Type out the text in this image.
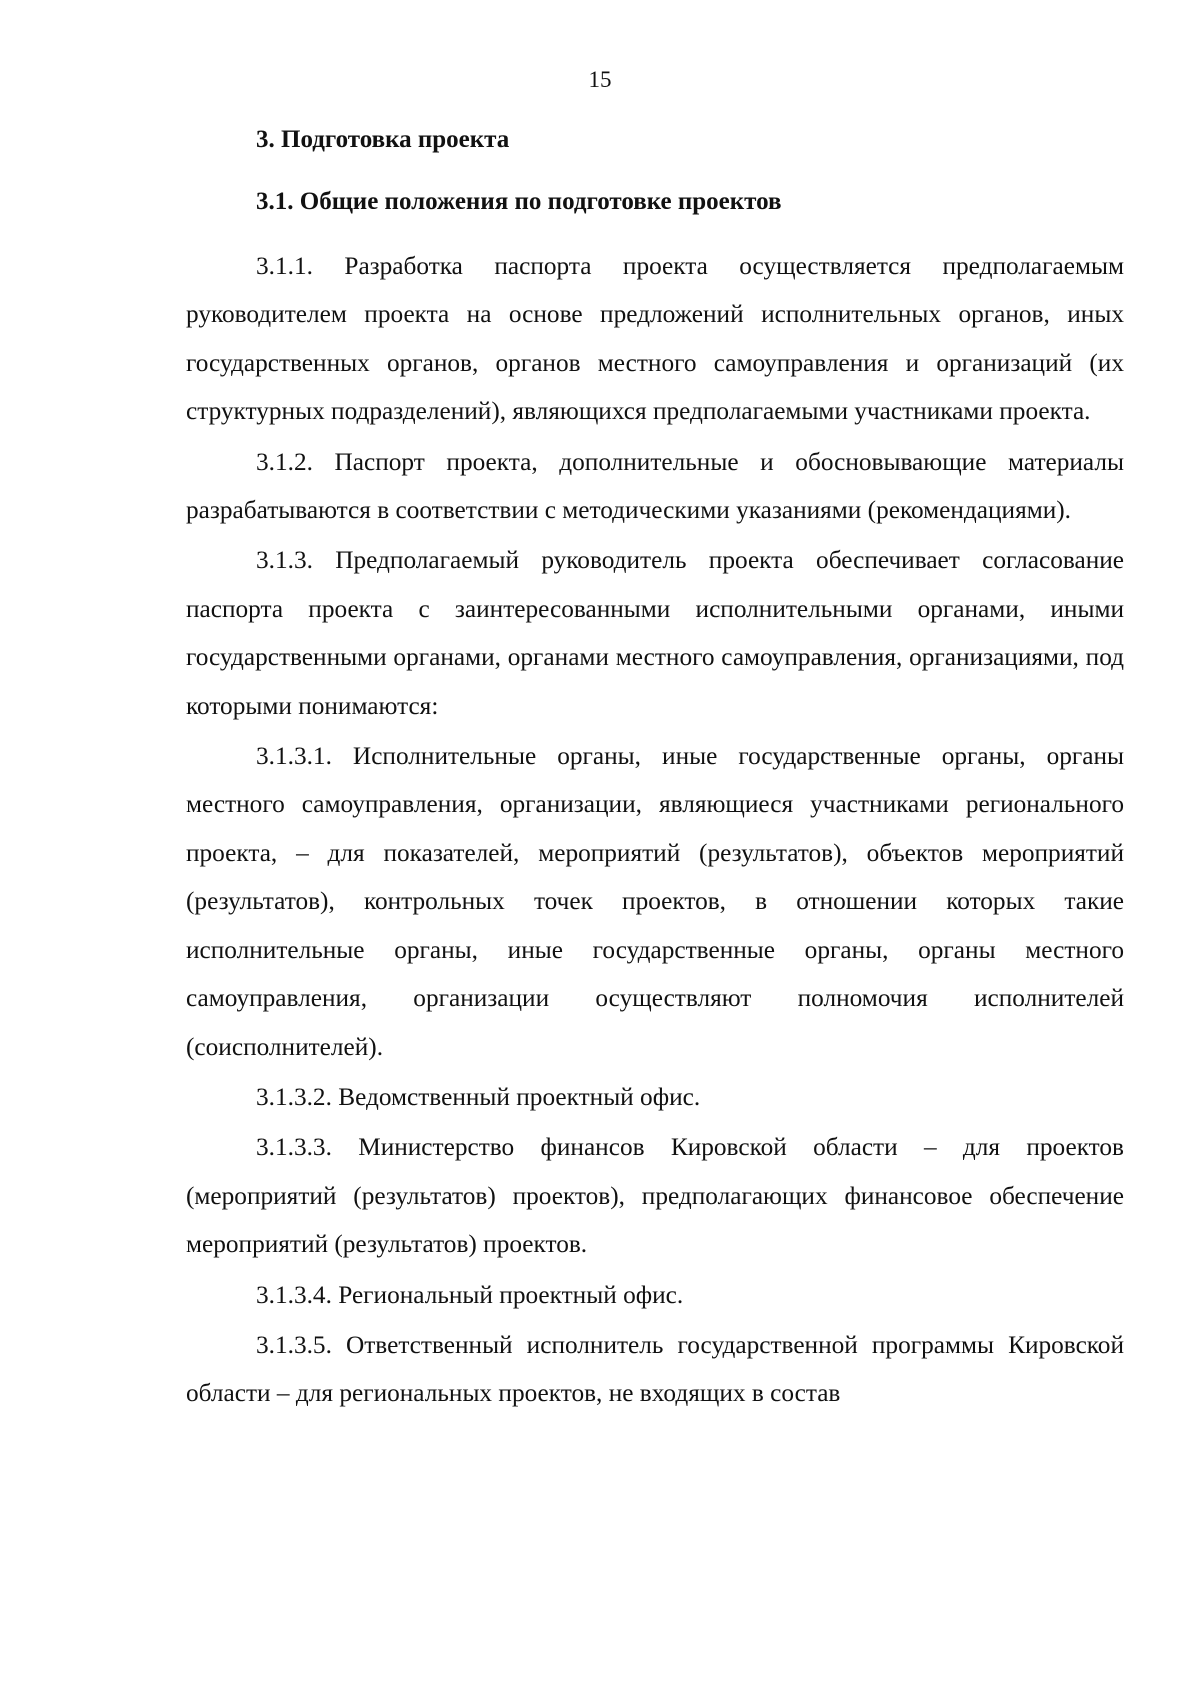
15
3. Подготовка проекта
3.1. Общие положения по подготовке проектов

3.1.1. Разработка паспорта проекта осуществляется предполагаемым руководителем проекта на основе предложений исполнительных органов, иных государственных органов, органов местного самоуправления и организаций (их структурных подразделений), являющихся предполагаемыми участниками проекта.

3.1.2. Паспорт проекта, дополнительные и обосновывающие материалы разрабатываются в соответствии с методическими указаниями (рекомендациями).

3.1.3. Предполагаемый руководитель проекта обеспечивает согласование паспорта проекта с заинтересованными исполнительными органами, иными государственными органами, органами местного самоуправления, организациями, под которыми понимаются:

3.1.3.1. Исполнительные органы, иные государственные органы, органы местного самоуправления, организации, являющиеся участниками регионального проекта, – для показателей, мероприятий (результатов), объектов мероприятий (результатов), контрольных точек проектов, в отношении которых такие исполнительные органы, иные государственные органы, органы местного самоуправления, организации осуществляют полномочия исполнителей (соисполнителей).

3.1.3.2. Ведомственный проектный офис.

3.1.3.3. Министерство финансов Кировской области – для проектов (мероприятий (результатов) проектов), предполагающих финансовое обеспечение мероприятий (результатов) проектов.

3.1.3.4. Региональный проектный офис.

3.1.3.5. Ответственный исполнитель государственной программы Кировской области – для региональных проектов, не входящих в состав
